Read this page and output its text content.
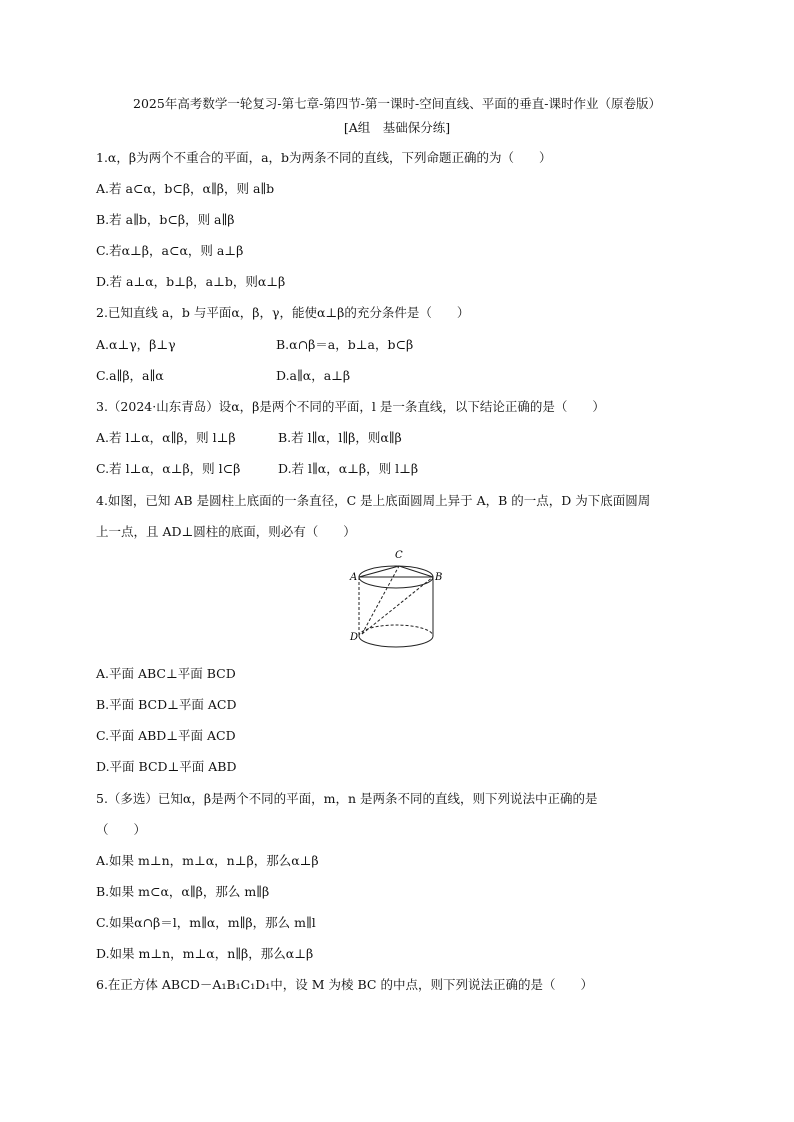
2025年高考数学一轮复习-第七章-第四节-第一课时-空间直线、平面的垂直-课时作业（原卷版）
[A组　基础保分练]
1.α，β为两个不重合的平面，a，b为两条不同的直线，下列命题正确的为（　　）
A.若 a⊂α，b⊂β，α∥β，则 a∥b
B.若 a∥b，b⊂β，则 a∥β
C.若α⊥β，a⊂α，则 a⊥β
D.若 a⊥α，b⊥β，a⊥b，则α⊥β
2.已知直线 a，b 与平面α，β，γ，能使α⊥β的充分条件是（　　）
A.α⊥γ，β⊥γ	B.α∩β＝a，b⊥a，b⊂β
C.a∥β，a∥α	D.a∥α，a⊥β
3.（2024·山东青岛）设α，β是两个不同的平面，l 是一条直线，以下结论正确的是（　　）
A.若 l⊥α，α∥β，则 l⊥β	B.若 l∥α，l∥β，则α∥β
C.若 l⊥α，α⊥β，则 l⊂β	D.若 l∥α，α⊥β，则 l⊥β
4.如图，已知 AB 是圆柱上底面的一条直径，C 是上底面圆周上异于 A，B 的一点，D 为下底面圆周
上一点，且 AD⊥圆柱的底面，则必有（　　）
A	B
C
D
A.平面 ABC⊥平面 BCD
B.平面 BCD⊥平面 ACD
C.平面 ABD⊥平面 ACD
D.平面 BCD⊥平面 ABD
5.（多选）已知α，β是两个不同的平面，m，n 是两条不同的直线，则下列说法中正确的是
（　　）
A.如果 m⊥n，m⊥α，n⊥β，那么α⊥β
B.如果 m⊂α，α∥β，那么 m∥β
C.如果α∩β＝l，m∥α，m∥β，那么 m∥l
D.如果 m⊥n，m⊥α，n∥β，那么α⊥β
6.在正方体 ABCD－A₁B₁C₁D₁中，设 M 为棱 BC 的中点，则下列说法正确的是（　　）
